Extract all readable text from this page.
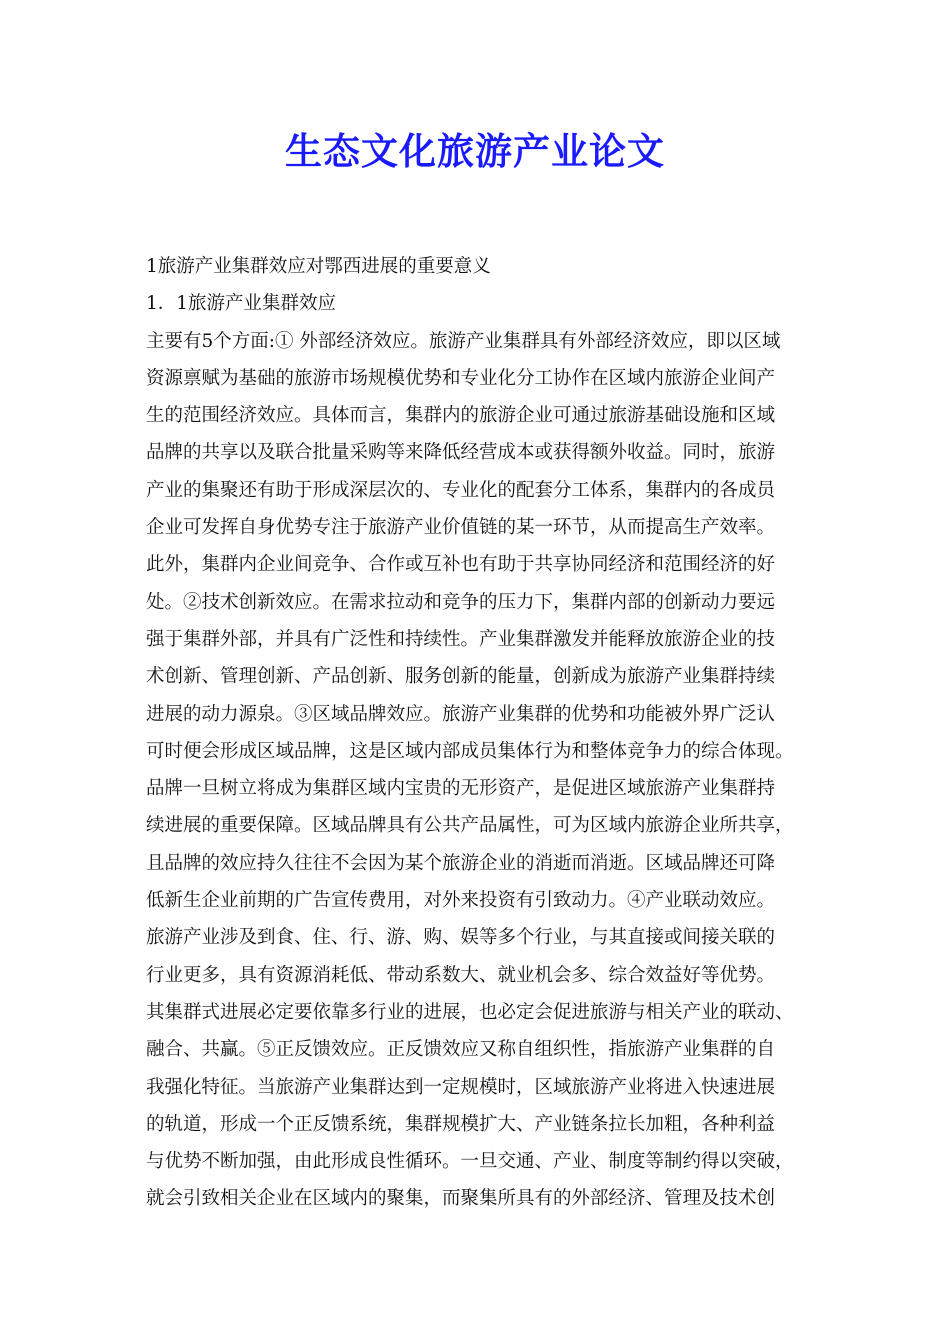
生态文化旅游产业论文
1旅游产业集群效应对鄂西进展的重要意义
1．1旅游产业集群效应
主要有5个方面:① 外部经济效应。旅游产业集群具有外部经济效应，即以区域
资源禀赋为基础的旅游市场规模优势和专业化分工协作在区域内旅游企业间产
生的范围经济效应。具体而言，集群内的旅游企业可通过旅游基础设施和区域
品牌的共享以及联合批量采购等来降低经营成本或获得额外收益。同时，旅游
产业的集聚还有助于形成深层次的、专业化的配套分工体系，集群内的各成员
企业可发挥自身优势专注于旅游产业价值链的某一环节，从而提高生产效率。
此外，集群内企业间竞争、合作或互补也有助于共享协同经济和范围经济的好
处。②技术创新效应。在需求拉动和竞争的压力下，集群内部的创新动力要远
强于集群外部，并具有广泛性和持续性。产业集群激发并能释放旅游企业的技
术创新、管理创新、产品创新、服务创新的能量，创新成为旅游产业集群持续
进展的动力源泉。③区域品牌效应。旅游产业集群的优势和功能被外界广泛认
可时便会形成区域品牌，这是区域内部成员集体行为和整体竞争力的综合体现。
品牌一旦树立将成为集群区域内宝贵的无形资产，是促进区域旅游产业集群持
续进展的重要保障。区域品牌具有公共产品属性，可为区域内旅游企业所共享，
且品牌的效应持久往往不会因为某个旅游企业的消逝而消逝。区域品牌还可降
低新生企业前期的广告宣传费用，对外来投资有引致动力。④产业联动效应。
旅游产业涉及到食、住、行、游、购、娱等多个行业，与其直接或间接关联的
行业更多，具有资源消耗低、带动系数大、就业机会多、综合效益好等优势。
其集群式进展必定要依靠多行业的进展，也必定会促进旅游与相关产业的联动、
融合、共赢。⑤正反馈效应。正反馈效应又称自组织性，指旅游产业集群的自
我强化特征。当旅游产业集群达到一定规模时，区域旅游产业将进入快速进展
的轨道，形成一个正反馈系统，集群规模扩大、产业链条拉长加粗，各种利益
与优势不断加强，由此形成良性循环。一旦交通、产业、制度等制约得以突破，
就会引致相关企业在区域内的聚集，而聚集所具有的外部经济、管理及技术创
